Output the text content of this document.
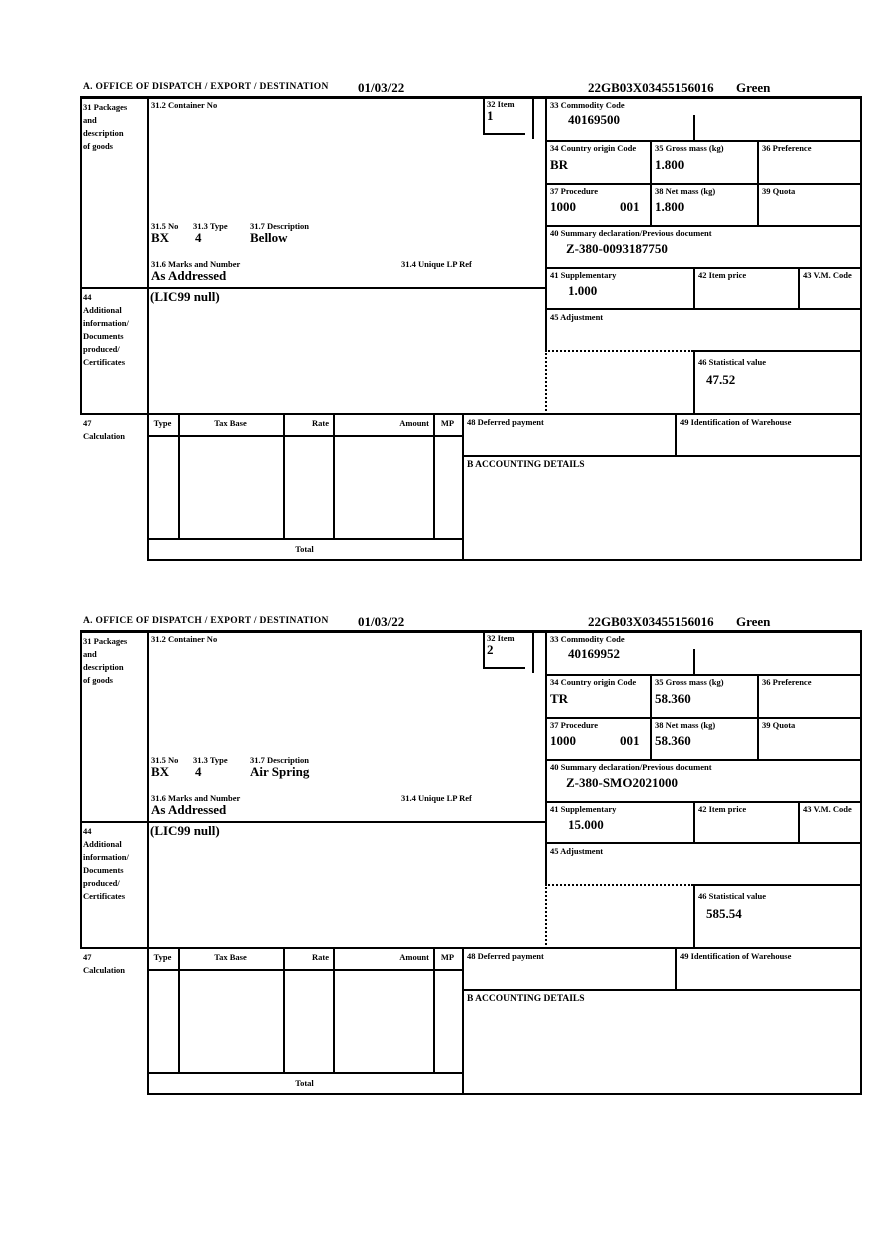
A. OFFICE OF DISPATCH / EXPORT / DESTINATION 01/03/22	22GB03X03455156016 Green
31 Packages
and
description
of goods
31.2 Container No	32 Item
1
33 Commodity Code
40169500
34 Country origin Code
BR
35 Gross mass (kg)
1.800
36 Preference
37 Procedure
1000	001
38 Net mass (kg)
1.800
39 Quota
40 Summary declaration/Previous document
Z-380-0093187750
41 Supplementary
1.000
42 Item price	43 V.M. Code
45 Adjustment
46 Statistical value
47.52
31.5 No 31.3 Type	31.7 Description
BX 4	Bellow
31.6 Marks and Number	31.4 Unique LP Ref
As Addressed
44
Additional
information/
Documents
produced/
Certificates
(LIC99 null)
47
Calculation
Type	Tax Base	Rate	Amount	MP	48 Deferred payment	49 Identification of Warehouse
B ACCOUNTING DETAILS
Total
A. OFFICE OF DISPATCH / EXPORT / DESTINATION 01/03/22	22GB03X03455156016 Green
31 Packages
and
description
of goods
31.2 Container No	32 Item
2
33 Commodity Code
40169952
34 Country origin Code
TR
35 Gross mass (kg)
58.360
36 Preference
37 Procedure
1000	001
38 Net mass (kg)
58.360
39 Quota
40 Summary declaration/Previous document
Z-380-SMO2021000
41 Supplementary
15.000
42 Item price	43 V.M. Code
45 Adjustment
46 Statistical value
585.54
31.5 No 31.3 Type	31.7 Description
BX 4	Air Spring
31.6 Marks and Number	31.4 Unique LP Ref
As Addressed
44
Additional
information/
Documents
produced/
Certificates
(LIC99 null)
47
Calculation
Type	Tax Base	Rate	Amount	MP	48 Deferred payment	49 Identification of Warehouse
B ACCOUNTING DETAILS
Total
